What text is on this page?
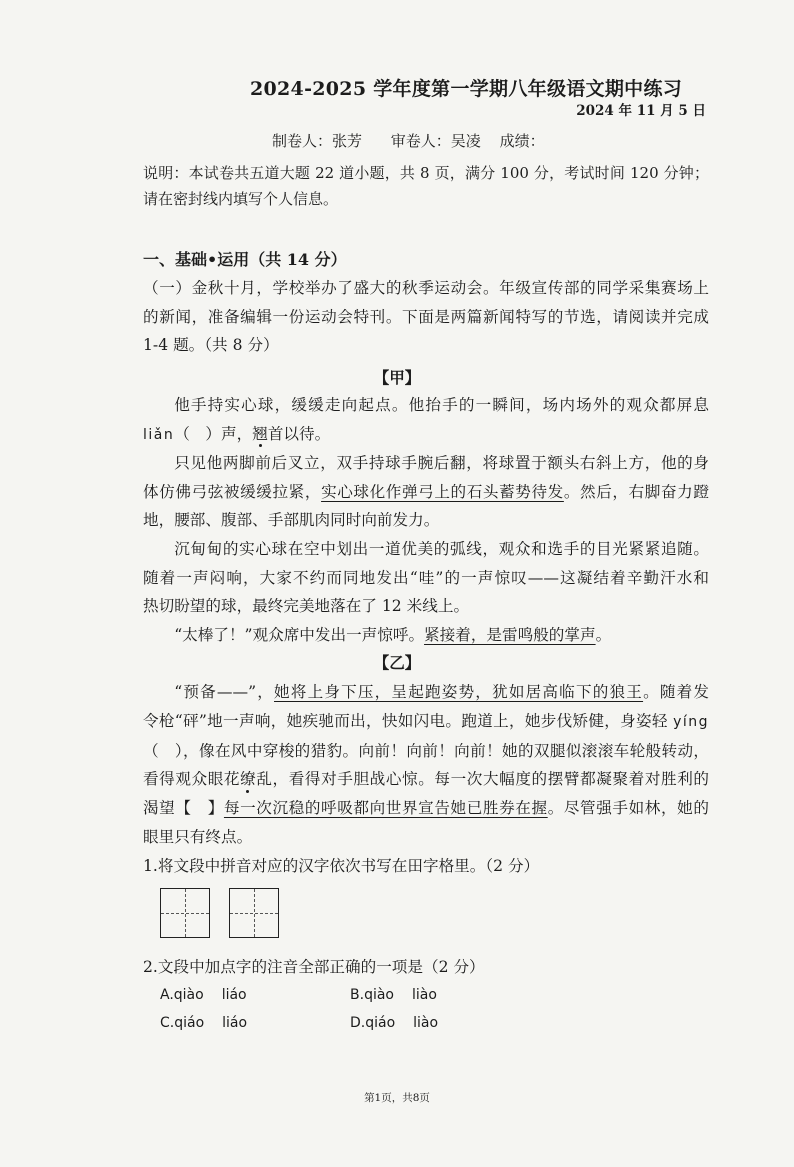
2024-2025 学年度第一学期八年级语文期中练习
2024 年 11 月 5 日
制卷人：张芳 审卷人：吴凌 成绩：
说明：本试卷共五道大题 22 道小题，共 8 页，满分 100 分，考试时间 120 分钟；
请在密封线内填写个人信息。
一、基础•运用（共 14 分）
（一）金秋十月，学校举办了盛大的秋季运动会。年级宣传部的同学采集赛场上
的新闻，准备编辑一份运动会特刊。下面是两篇新闻特写的节选，请阅读并完成
1-4 题。（共 8 分）
【甲】
他手持实心球，缓缓走向起点。他抬手的一瞬间，场内场外的观众都屏息
liǎn（　）声，翘首以待。
只见他两脚前后叉立，双手持球手腕后翻，将球置于额头右斜上方，他的身
体仿佛弓弦被缓缓拉紧，实心球化作弹弓上的石头蓄势待发。然后，右脚奋力蹬
地，腰部、腹部、手部肌肉同时向前发力。
沉甸甸的实心球在空中划出一道优美的弧线，观众和选手的目光紧紧追随。
随着一声闷响，大家不约而同地发出“哇”的一声惊叹——这凝结着辛勤汗水和
热切盼望的球，最终完美地落在了 12 米线上。
“太棒了！”观众席中发出一声惊呼。紧接着，是雷鸣般的掌声。
【乙】
“预备——”，她将上身下压，呈起跑姿势，犹如居高临下的狼王。随着发
令枪“砰”地一声响，她疾驰而出，快如闪电。跑道上，她步伐矫健，身姿轻 yíng
（　），像在风中穿梭的猎豹。向前！向前！向前！她的双腿似滚滚车轮般转动，
看得观众眼花缭乱，看得对手胆战心惊。每一次大幅度的摆臂都凝聚着对胜利的
渴望【　】每一次沉稳的呼吸都向世界宣告她已胜券在握。尽管强手如林，她的
眼里只有终点。
1.将文段中拼音对应的汉字依次书写在田字格里。（2 分）
2.文段中加点字的注音全部正确的一项是（2 分）
A.qiào liáo	B.qiào liào
C.qiáo liáo	D.qiáo liào
第1页，共8页
